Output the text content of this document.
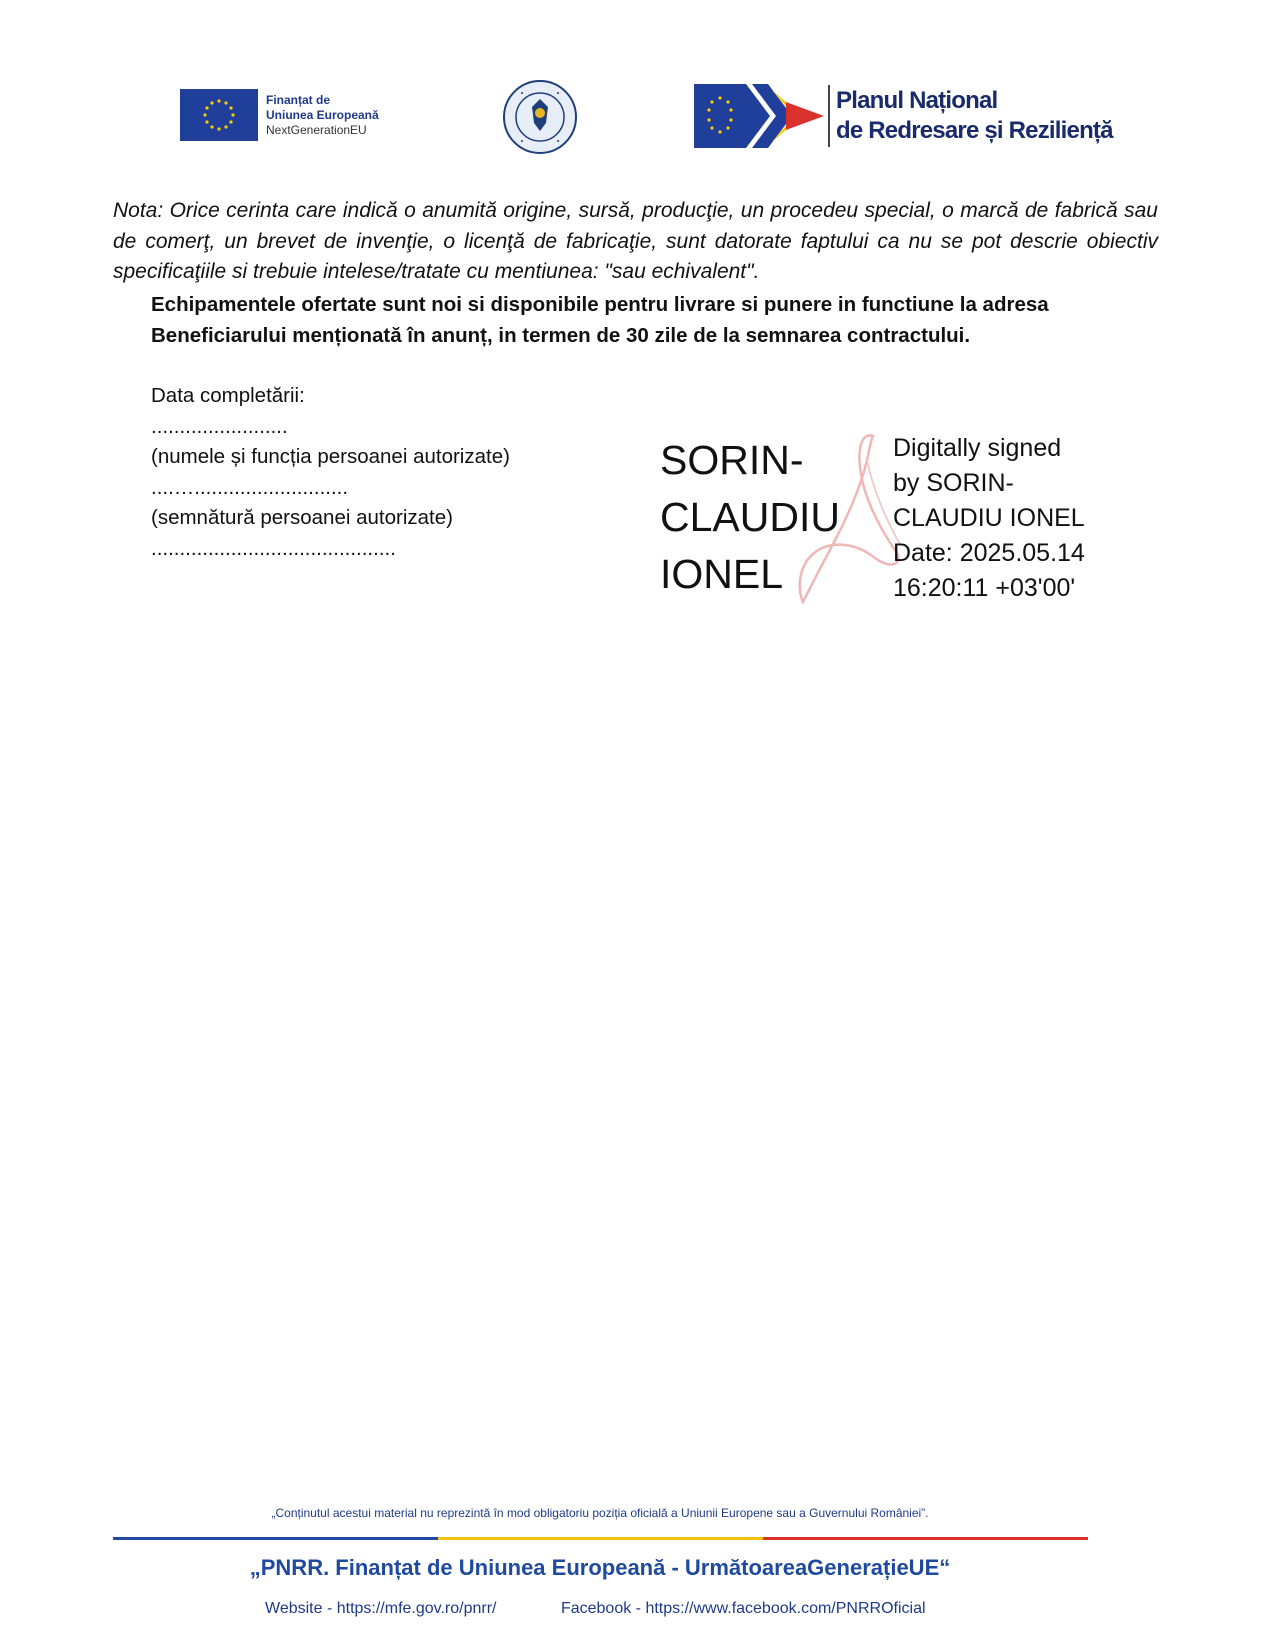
Finanțat de
Uniunea Europeană
NextGenerationEU
Planul Național
de Redresare și Reziliență
Nota: Orice cerinta care indică o anumită origine, sursă, producţie, un procedeu special, o marcă de fabrică sau de comerţ, un brevet de invenţie, o licenţă de fabricaţie, sunt datorate faptului ca nu se pot descrie obiectiv specificaţiile si trebuie intelese/tratate cu mentiunea: "sau echivalent".
Echipamentele ofertate sunt noi si disponibile pentru livrare si punere in functiune la adresa
Beneficiarului menționată în anunț, in termen de 30 zile de la semnarea contractului.
Data completării:
........................
(numele și funcția persoanei autorizate)
....…...........................
(semnătură persoanei autorizate)
...........................................
SORIN-
CLAUDIU
IONEL
Digitally signed
by SORIN-
CLAUDIU IONEL
Date: 2025.05.14
16:20:11 +03'00'
„Conținutul acestui material nu reprezintă în mod obligatoriu poziția oficială a Uniunii Europene sau a Guvernului României”.
„PNRR. Finanțat de Uniunea Europeană - UrmătoareaGenerațieUE“
Website - https://mfe.gov.ro/pnrr/	Facebook - https://www.facebook.com/PNRROficial
